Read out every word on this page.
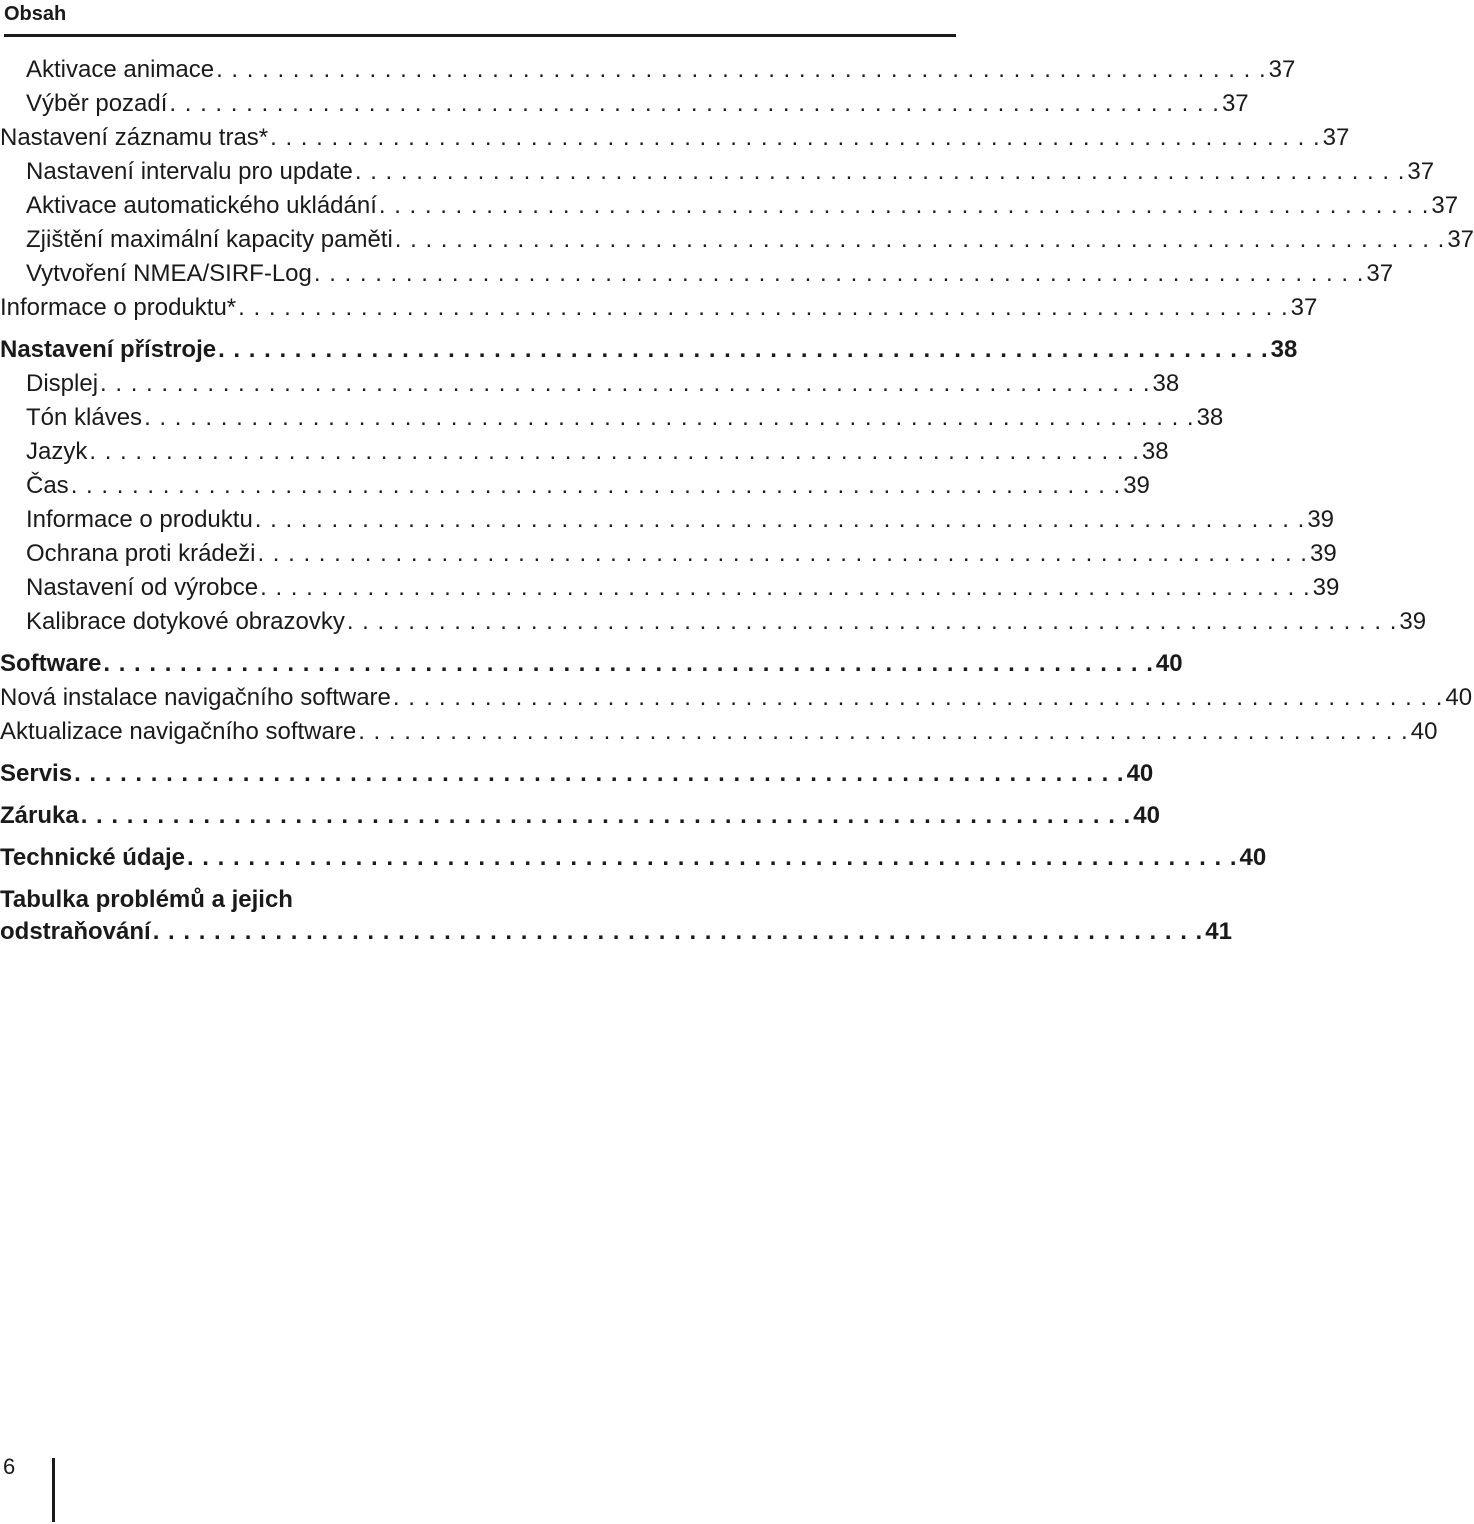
Obsah
Aktivace animace . . . . . . . . . . . . . . . . . . . . . . . . . . . . . . . . . . . . . . . . . . . . . . . . . . . . . . . . . . . . . . . . . . . . . 37
Výběr pozadí . . . . . . . . . . . . . . . . . . . . . . . . . . . . . . . . . . . . . . . . . . . . . . . . . . . . . . . . . . . . . . . . . . . . . 37
Nastavení záznamu tras* . . . . . . . . . . . . . . . . . . . . . . . . . . . . . . . . . . . . . . . . . . . . . . . . . . . . . . . . . . . . . . . . . . . . . 37
Nastavení intervalu pro update . . . . . . . . . . . . . . . . . . . . . . . . . . . . . . . . . . . . . . . . . . . . . . . . . . . . . . . . . . . . . . . . . . . . . 37
Aktivace automatického ukládání . . . . . . . . . . . . . . . . . . . . . . . . . . . . . . . . . . . . . . . . . . . . . . . . . . . . . . . . . . . . . . . . . . . . . 37
Zjištění maximální kapacity paměti . . . . . . . . . . . . . . . . . . . . . . . . . . . . . . . . . . . . . . . . . . . . . . . . . . . . . . . . . . . . . . . . . . . . . 37
Vytvoření NMEA/SIRF-Log . . . . . . . . . . . . . . . . . . . . . . . . . . . . . . . . . . . . . . . . . . . . . . . . . . . . . . . . . . . . . . . . . . . . . 37
Informace o produktu* . . . . . . . . . . . . . . . . . . . . . . . . . . . . . . . . . . . . . . . . . . . . . . . . . . . . . . . . . . . . . . . . . . . . . 37
Nastavení přístroje . . . . . . . . . . . . . . . . . . . . . . . . . . . . . . . . . . . . . . . . . . . . . . . . . . . . . . . . . . . . . . . . . . . . . 38
Displej . . . . . . . . . . . . . . . . . . . . . . . . . . . . . . . . . . . . . . . . . . . . . . . . . . . . . . . . . . . . . . . . . . . . . 38
Tón kláves . . . . . . . . . . . . . . . . . . . . . . . . . . . . . . . . . . . . . . . . . . . . . . . . . . . . . . . . . . . . . . . . . . . . . 38
Jazyk . . . . . . . . . . . . . . . . . . . . . . . . . . . . . . . . . . . . . . . . . . . . . . . . . . . . . . . . . . . . . . . . . . . . . 38
Čas . . . . . . . . . . . . . . . . . . . . . . . . . . . . . . . . . . . . . . . . . . . . . . . . . . . . . . . . . . . . . . . . . . . . . 39
Informace o produktu . . . . . . . . . . . . . . . . . . . . . . . . . . . . . . . . . . . . . . . . . . . . . . . . . . . . . . . . . . . . . . . . . . . . . 39
Ochrana proti krádeži . . . . . . . . . . . . . . . . . . . . . . . . . . . . . . . . . . . . . . . . . . . . . . . . . . . . . . . . . . . . . . . . . . . . . 39
Nastavení od výrobce . . . . . . . . . . . . . . . . . . . . . . . . . . . . . . . . . . . . . . . . . . . . . . . . . . . . . . . . . . . . . . . . . . . . . 39
Kalibrace dotykové obrazovky . . . . . . . . . . . . . . . . . . . . . . . . . . . . . . . . . . . . . . . . . . . . . . . . . . . . . . . . . . . . . . . . . . . . . 39
Software . . . . . . . . . . . . . . . . . . . . . . . . . . . . . . . . . . . . . . . . . . . . . . . . . . . . . . . . . . . . . . . . . . . . . 40
Nová instalace navigačního software . . . . . . . . . . . . . . . . . . . . . . . . . . . . . . . . . . . . . . . . . . . . . . . . . . . . . . . . . . . . . . . . . . . . . 40
Aktualizace navigačního software . . . . . . . . . . . . . . . . . . . . . . . . . . . . . . . . . . . . . . . . . . . . . . . . . . . . . . . . . . . . . . . . . . . . . 40
Servis . . . . . . . . . . . . . . . . . . . . . . . . . . . . . . . . . . . . . . . . . . . . . . . . . . . . . . . . . . . . . . . . . . . . . 40
Záruka . . . . . . . . . . . . . . . . . . . . . . . . . . . . . . . . . . . . . . . . . . . . . . . . . . . . . . . . . . . . . . . . . . . . . 40
Technické údaje . . . . . . . . . . . . . . . . . . . . . . . . . . . . . . . . . . . . . . . . . . . . . . . . . . . . . . . . . . . . . . . . . . . . . 40
Tabulka problémů a jejich
odstraňování . . . . . . . . . . . . . . . . . . . . . . . . . . . . . . . . . . . . . . . . . . . . . . . . . . . . . . . . . . . . . . . . . . . . . 41
6
